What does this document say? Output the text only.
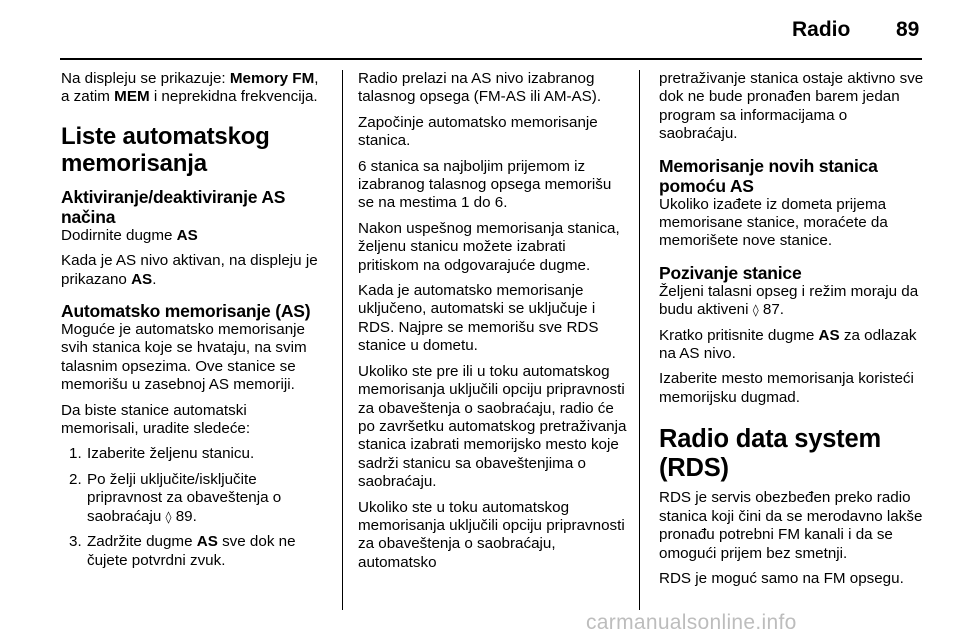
Radio 89

Na displeju se prikazuje: Memory FM, a zatim MEM i neprekidna frekvencija.

Liste automatskog
memorisanja
Aktiviranje/deaktiviranje AS
načina

Dodirnite dugme AS

Kada je AS nivo aktivan, na displeju je prikazano AS.

Automatsko memorisanje (AS)

Moguće je automatsko memorisanje svih stanica koje se hvataju, na svim talasnim opsezima. Ove stanice se memorišu u zasebnoj AS memoriji.

Da biste stanice automatski memorisali, uradite sledeće:

1. Izaberite željenu stanicu.
2. Po želji uključite/isključite pripravnost za obaveštenja o saobraćaju ◊ 89.
3. Zadržite dugme AS sve dok ne čujete potvrdni zvuk.

Radio prelazi na AS nivo izabranog talasnog opsega (FM-AS ili AM-AS).

Započinje automatsko memorisanje stanica.

6 stanica sa najboljim prijemom iz izabranog talasnog opsega memorišu se na mestima 1 do 6.

Nakon uspešnog memorisanja stanica, željenu stanicu možete izabrati pritiskom na odgovarajuće dugme.

Kada je automatsko memorisanje uključeno, automatski se uključuje i RDS. Najpre se memorišu sve RDS stanice u dometu.

Ukoliko ste pre ili u toku automatskog memorisanja uključili opciju pripravnosti za obaveštenja o saobraćaju, radio će po završetku automatskog pretraživanja stanica izabrati memorijsko mesto koje sadrži stanicu sa obaveštenjima o saobraćaju.

Ukoliko ste u toku automatskog memorisanja uključili opciju pripravnosti za obaveštenja o saobraćaju, automatsko

pretraživanje stanica ostaje aktivno sve dok ne bude pronađen barem jedan program sa informacijama o saobraćaju.

Memorisanje novih stanica
pomoću AS

Ukoliko izađete iz dometa prijema memorisane stanice, moraćete da memorišete nove stanice.

Pozivanje stanice

Željeni talasni opseg i režim moraju da budu aktiveni ◊ 87.

Kratko pritisnite dugme AS za odlazak na AS nivo.

Izaberite mesto memorisanja koristeći memorijsku dugmad.

Radio data system (RDS)

RDS je servis obezbeđen preko radio stanica koji čini da se merodavno lakše pronađu potrebni FM kanali i da se omogući prijem bez smetnji.

RDS je moguć samo na FM opsegu.

carmanualsonline.info
